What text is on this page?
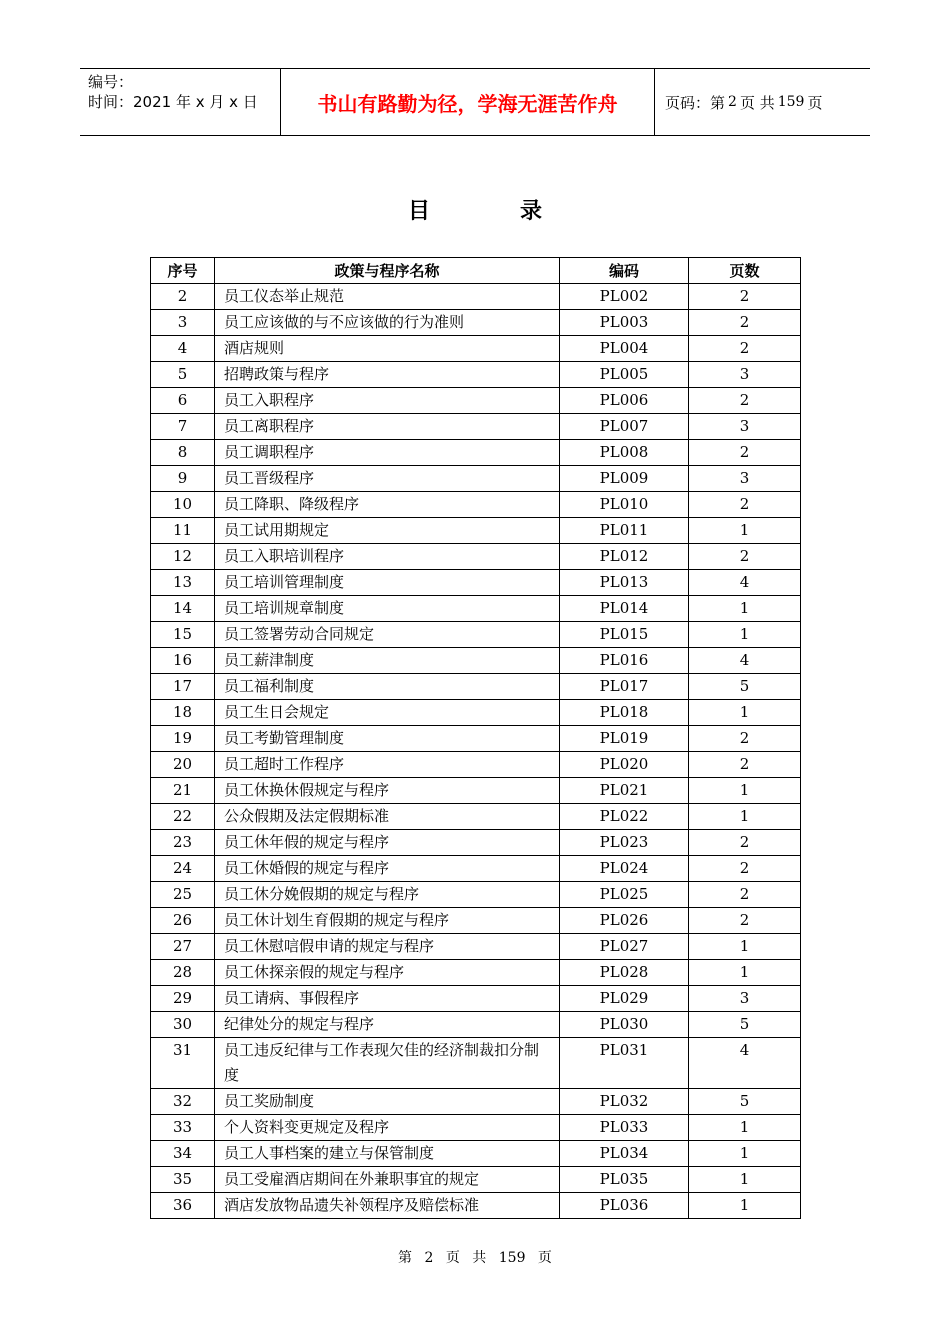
编号：
时间：2021 年 x 月 x 日	书山有路勤为径，学海无涯苦作舟	页码：第 2 页 共 159 页
目录
序号	政策与程序名称	编码	页数
2	员工仪态举止规范	PL002	2
3	员工应该做的与不应该做的行为准则	PL003	2
4	酒店规则	PL004	2
5	招聘政策与程序	PL005	3
6	员工入职程序	PL006	2
7	员工离职程序	PL007	3
8	员工调职程序	PL008	2
9	员工晋级程序	PL009	3
10	员工降职、降级程序	PL010	2
11	员工试用期规定	PL011	1
12	员工入职培训程序	PL012	2
13	员工培训管理制度	PL013	4
14	员工培训规章制度	PL014	1
15	员工签署劳动合同规定	PL015	1
16	员工薪津制度	PL016	4
17	员工福利制度	PL017	5
18	员工生日会规定	PL018	1
19	员工考勤管理制度	PL019	2
20	员工超时工作程序	PL020	2
21	员工休换休假规定与程序	PL021	1
22	公众假期及法定假期标准	PL022	1
23	员工休年假的规定与程序	PL023	2
24	员工休婚假的规定与程序	PL024	2
25	员工休分娩假期的规定与程序	PL025	2
26	员工休计划生育假期的规定与程序	PL026	2
27	员工休慰唁假申请的规定与程序	PL027	1
28	员工休探亲假的规定与程序	PL028	1
29	员工请病、事假程序	PL029	3
30	纪律处分的规定与程序	PL030	5
31	员工违反纪律与工作表现欠佳的经济制裁扣分制度	PL031	4
32	员工奖励制度	PL032	5
33	个人资料变更规定及程序	PL033	1
34	员工人事档案的建立与保管制度	PL034	1
35	员工受雇酒店期间在外兼职事宜的规定	PL035	1
36	酒店发放物品遗失补领程序及赔偿标准	PL036	1
第 2 页 共 159 页
